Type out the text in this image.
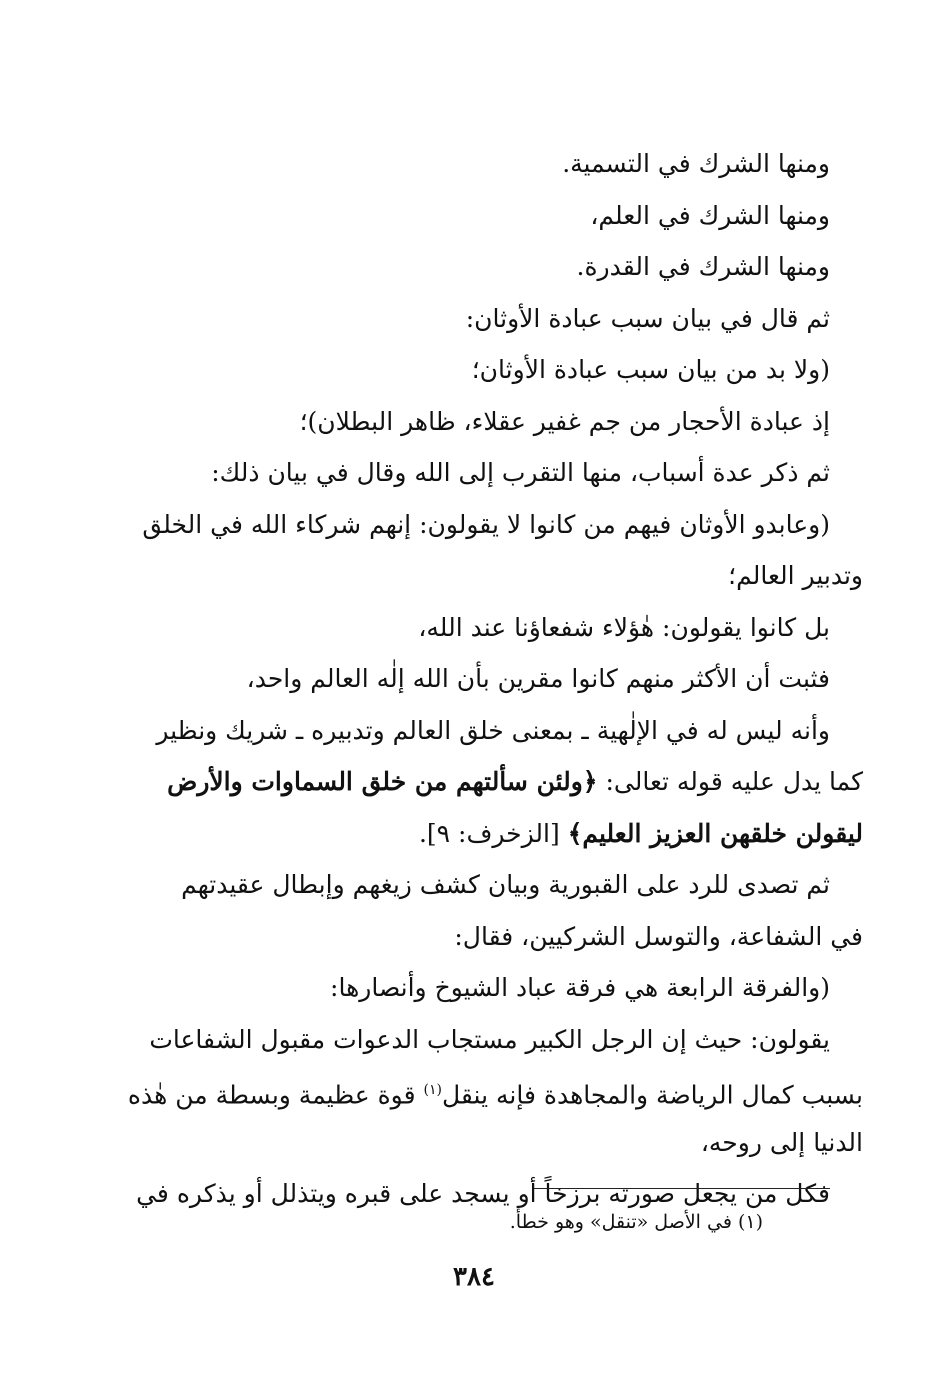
ومنها الشرك في التسمية.
ومنها الشرك في العلم،
ومنها الشرك في القدرة.
ثم قال في بيان سبب عبادة الأوثان:
(ولا بد من بيان سبب عبادة الأوثان؛
إذ عبادة الأحجار من جم غفير عقلاء، ظاهر البطلان)؛
ثم ذكر عدة أسباب، منها التقرب إلى الله وقال في بيان ذلك:
(وعابدو الأوثان فيهم من كانوا لا يقولون: إنهم شركاء الله في الخلق
وتدبير العالم؛
بل كانوا يقولون: هٰؤلاء شفعاؤنا عند الله،
فثبت أن الأكثر منهم كانوا مقرين بأن الله إلٰه العالم واحد،
وأنه ليس له في الإلٰهية ـ بمعنى خلق العالم وتدبيره ـ شريك ونظير
كما يدل عليه قوله تعالى: ﴿ولئن سألتهم من خلق السماوات والأرض
ليقولن خلقهن العزيز العليم﴾ [الزخرف: ٩].
ثم تصدى للرد على القبورية وبيان كشف زيغهم وإبطال عقيدتهم
في الشفاعة، والتوسل الشركيين، فقال:
(والفرقة الرابعة هي فرقة عباد الشيوخ وأنصارها:
يقولون: حيث إن الرجل الكبير مستجاب الدعوات مقبول الشفاعات
بسبب كمال الرياضة والمجاهدة فإنه ينقل$^{(١)}$ قوة عظيمة وبسطة من هٰذه
الدنيا إلى روحه،
فكل من يجعل صورته برزخاً أو يسجد على قبره ويتذلل أو يذكره في
(١) في الأصل «تنقل» وهو خطأ.
٣٨٤
